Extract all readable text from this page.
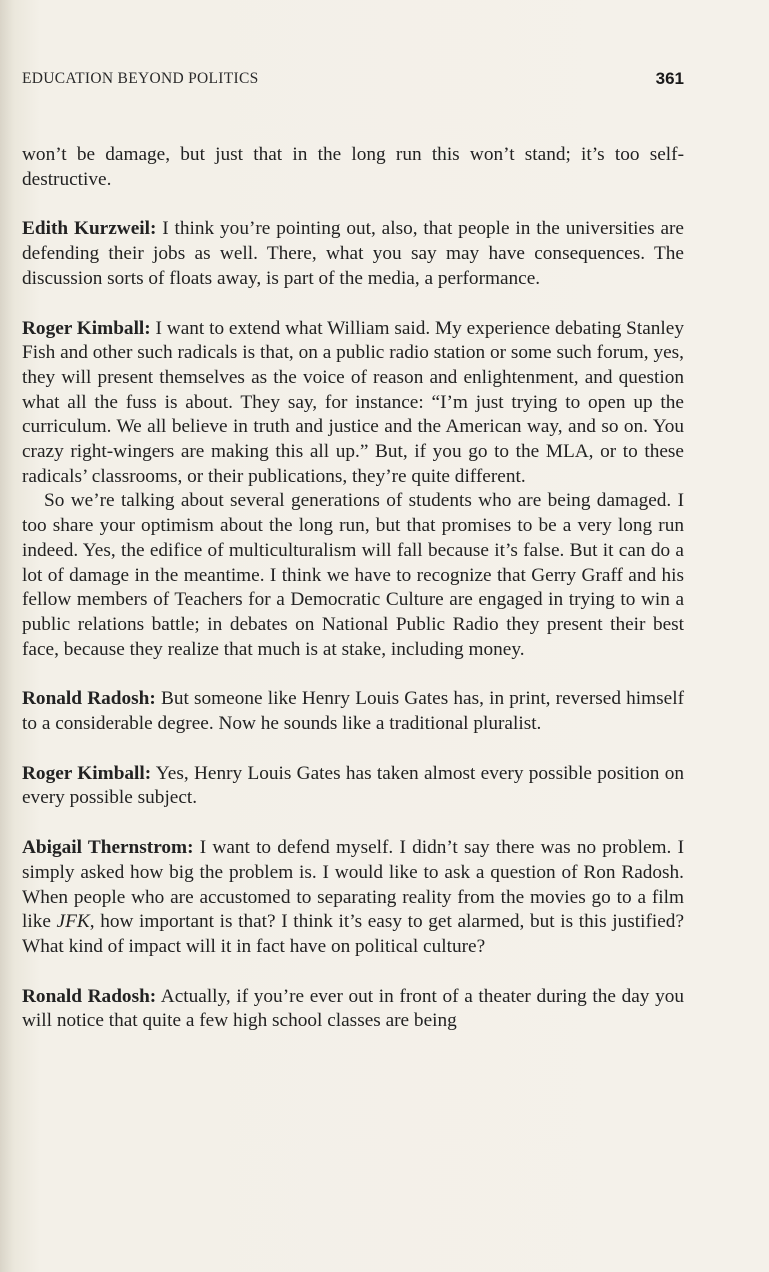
EDUCATION BEYOND POLITICS	361

won’t be damage, but just that in the long run this won’t stand; it’s too self-destructive.

Edith Kurzweil: I think you’re pointing out, also, that people in the universities are defending their jobs as well. There, what you say may have consequences. The discussion sorts of floats away, is part of the media, a performance.

Roger Kimball: I want to extend what William said. My experience debating Stanley Fish and other such radicals is that, on a public radio station or some such forum, yes, they will present themselves as the voice of reason and enlightenment, and question what all the fuss is about. They say, for instance: “I’m just trying to open up the curriculum. We all believe in truth and justice and the American way, and so on. You crazy right-wingers are making this all up.” But, if you go to the MLA, or to these radicals’ classrooms, or their publications, they’re quite different.

So we’re talking about several generations of students who are being damaged. I too share your optimism about the long run, but that promises to be a very long run indeed. Yes, the edifice of multiculturalism will fall because it’s false. But it can do a lot of damage in the meantime. I think we have to recognize that Gerry Graff and his fellow members of Teachers for a Democratic Culture are engaged in trying to win a public relations battle; in debates on National Public Radio they present their best face, because they realize that much is at stake, including money.

Ronald Radosh: But someone like Henry Louis Gates has, in print, reversed himself to a considerable degree. Now he sounds like a traditional pluralist.

Roger Kimball: Yes, Henry Louis Gates has taken almost every possible position on every possible subject.

Abigail Thernstrom: I want to defend myself. I didn’t say there was no problem. I simply asked how big the problem is. I would like to ask a question of Ron Radosh. When people who are accustomed to separating reality from the movies go to a film like JFK, how important is that? I think it’s easy to get alarmed, but is this justified? What kind of impact will it in fact have on political culture?

Ronald Radosh: Actually, if you’re ever out in front of a theater during the day you will notice that quite a few high school classes are being
